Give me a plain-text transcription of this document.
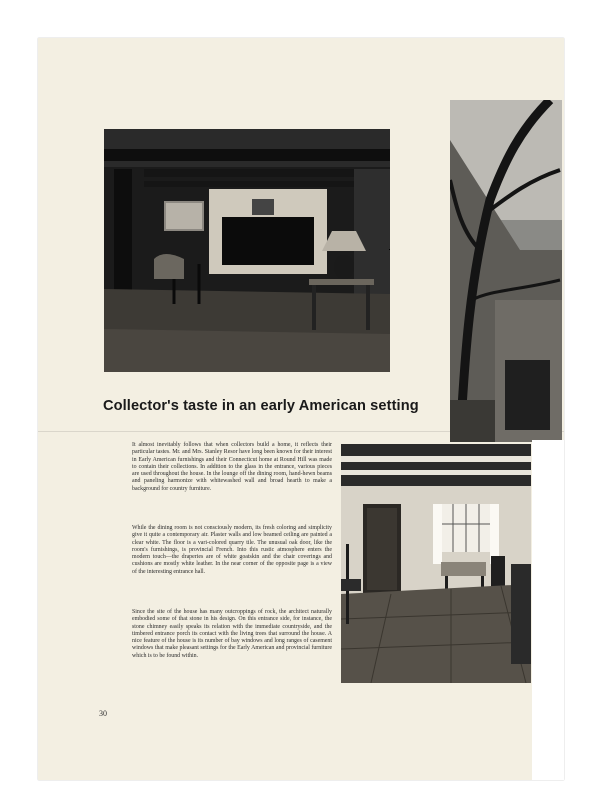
Collector's taste in an early American setting

It almost inevitably follows that when collectors build a home, it reflects their particular tastes. Mr. and Mrs. Stanley Resor have long been known for their interest in Early American furnishings and their Connecticut home at Round Hill was made to contain their collections. In addition to the glass in the entrance, various pieces are used throughout the house. In the lounge off the dining room, hand-hewn beams and paneling harmonize with whitewashed wall and broad hearth to make a background for country furniture.

While the dining room is not consciously modern, its fresh coloring and simplicity give it quite a contemporary air. Plaster walls and low beamed ceiling are painted a clear white. The floor is a vari-colored quarry tile. The unusual oak door, like the room's furnishings, is provincial French. Into this rustic atmosphere enters the modern touch—the draperies are of white goatskin and the chair coverings and cushions are mostly white leather. In the near corner of the opposite page is a view of the interesting entrance hall.

Since the site of the house has many outcroppings of rock, the architect naturally embodied some of that stone in his design. On this entrance side, for instance, the stone chimney easily speaks its relation with the immediate countryside, and the timbered entrance porch its contact with the living trees that surround the house. A nice feature of the house is its number of bay windows and long ranges of casement windows that make pleasant settings for the Early American and provincial furniture which is to be found within.

30
